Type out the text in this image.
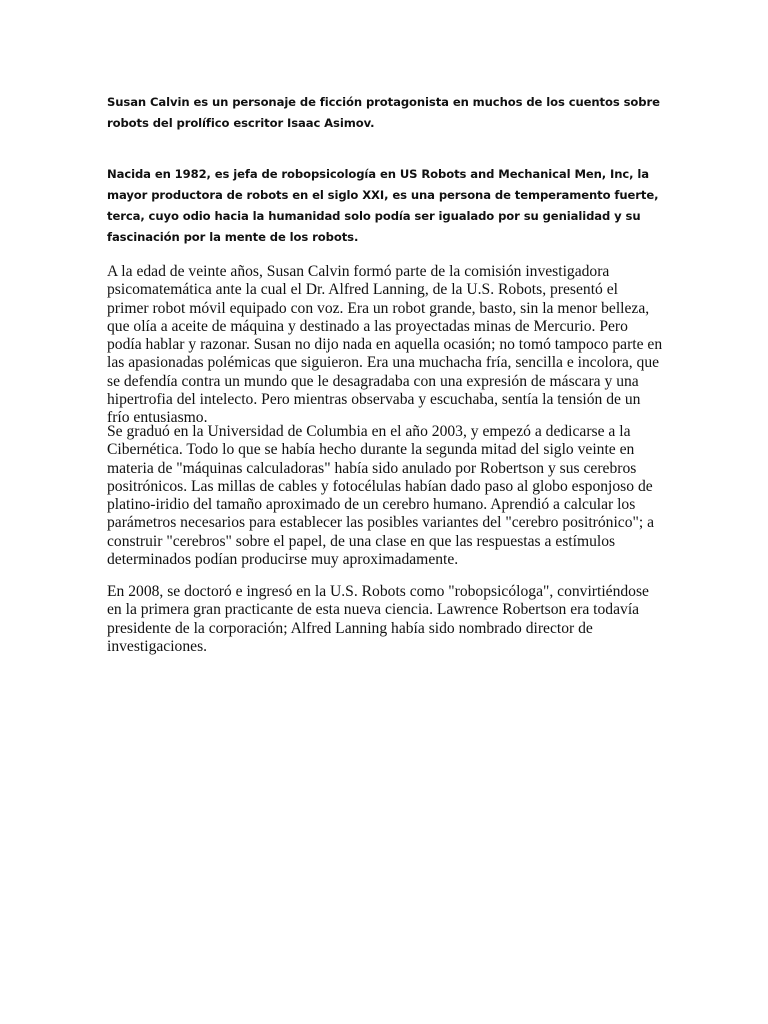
Susan Calvin es un personaje de ficción protagonista en muchos de los cuentos sobre robots del prolífico escritor Isaac Asimov.

Nacida en 1982, es jefa de robopsicología en US Robots and Mechanical Men, Inc, la mayor productora de robots en el siglo XXI, es una persona de temperamento fuerte, terca, cuyo odio hacia la humanidad solo podía ser igualado por su genialidad y su fascinación por la mente de los robots.

A la edad de veinte años, Susan Calvin formó parte de la comisión investigadora psicomatemática ante la cual el Dr. Alfred Lanning, de la U.S. Robots, presentó el primer robot móvil equipado con voz. Era un robot grande, basto, sin la menor belleza, que olía a aceite de máquina y destinado a las proyectadas minas de Mercurio. Pero podía hablar y razonar. Susan no dijo nada en aquella ocasión; no tomó tampoco parte en las apasionadas polémicas que siguieron. Era una muchacha fría, sencilla e incolora, que se defendía contra un mundo que le desagradaba con una expresión de máscara y una hipertrofia del intelecto. Pero mientras observaba y escuchaba, sentía la tensión de un frío entusiasmo.

Se graduó en la Universidad de Columbia en el año 2003, y empezó a dedicarse a la Cibernética. Todo lo que se había hecho durante la segunda mitad del siglo veinte en materia de "máquinas calculadoras" había sido anulado por Robertson y sus cerebros positrónicos. Las millas de cables y fotocélulas habían dado paso al globo esponjoso de platino-iridio del tamaño aproximado de un cerebro humano. Aprendió a calcular los parámetros necesarios para establecer las posibles variantes del "cerebro positrónico"; a construir "cerebros" sobre el papel, de una clase en que las respuestas a estímulos determinados podían producirse muy aproximadamente.

En 2008, se doctoró e ingresó en la U.S. Robots como "robopsicóloga", convirtiéndose en la primera gran practicante de esta nueva ciencia. Lawrence Robertson era todavía presidente de la corporación; Alfred Lanning había sido nombrado director de investigaciones.
